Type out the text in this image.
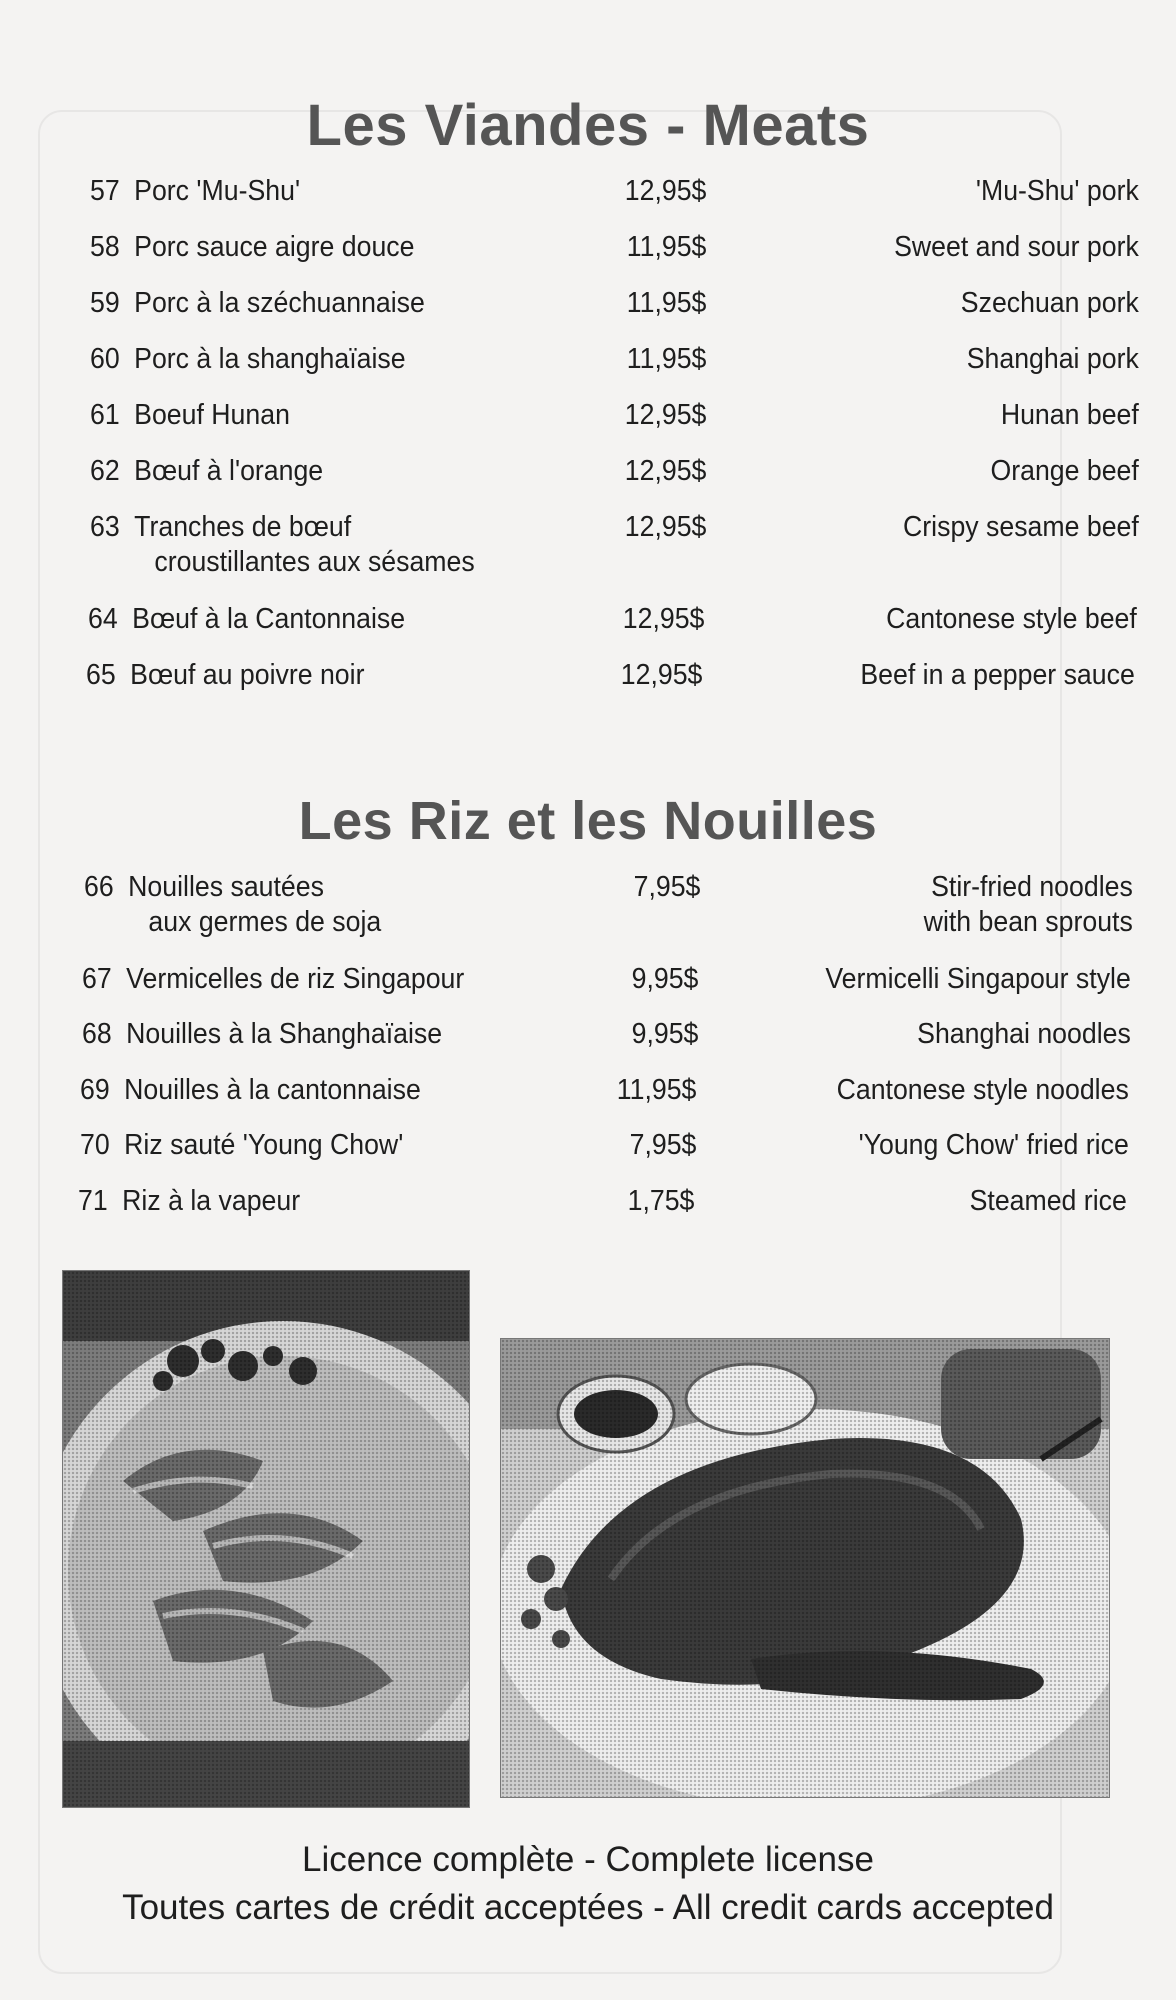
Les Viandes - Meats
57 Porc 'Mu-Shu'	12,95$	'Mu-Shu' pork
58 Porc sauce aigre douce	11,95$	Sweet and sour pork
59 Porc à la széchuannaise	11,95$	Szechuan pork
60 Porc à la shanghaïaise	11,95$	Shanghai pork
61 Boeuf Hunan	12,95$	Hunan beef
62 Bœuf à l'orange	12,95$	Orange beef
63 Tranches de bœuf
croustillantes aux sésames
12,95$	Crispy sesame beef
64 Bœuf à la Cantonnaise	12,95$	Cantonese style beef
65 Bœuf au poivre noir	12,95$	Beef in a pepper sauce
Les Riz et les Nouilles
66 Nouilles sautées
aux germes de soja
7,95$	Stir-fried noodles
with bean sprouts
67 Vermicelles de riz Singapour	9,95$	Vermicelli Singapour style
68 Nouilles à la Shanghaïaise	9,95$	Shanghai noodles
69 Nouilles à la cantonnaise	11,95$	Cantonese style noodles
70 Riz sauté 'Young Chow'	7,95$	'Young Chow' fried rice
71 Riz à la vapeur	1,75$	Steamed rice

Licence complète - Complete license

Toutes cartes de crédit acceptées - All credit cards accepted
